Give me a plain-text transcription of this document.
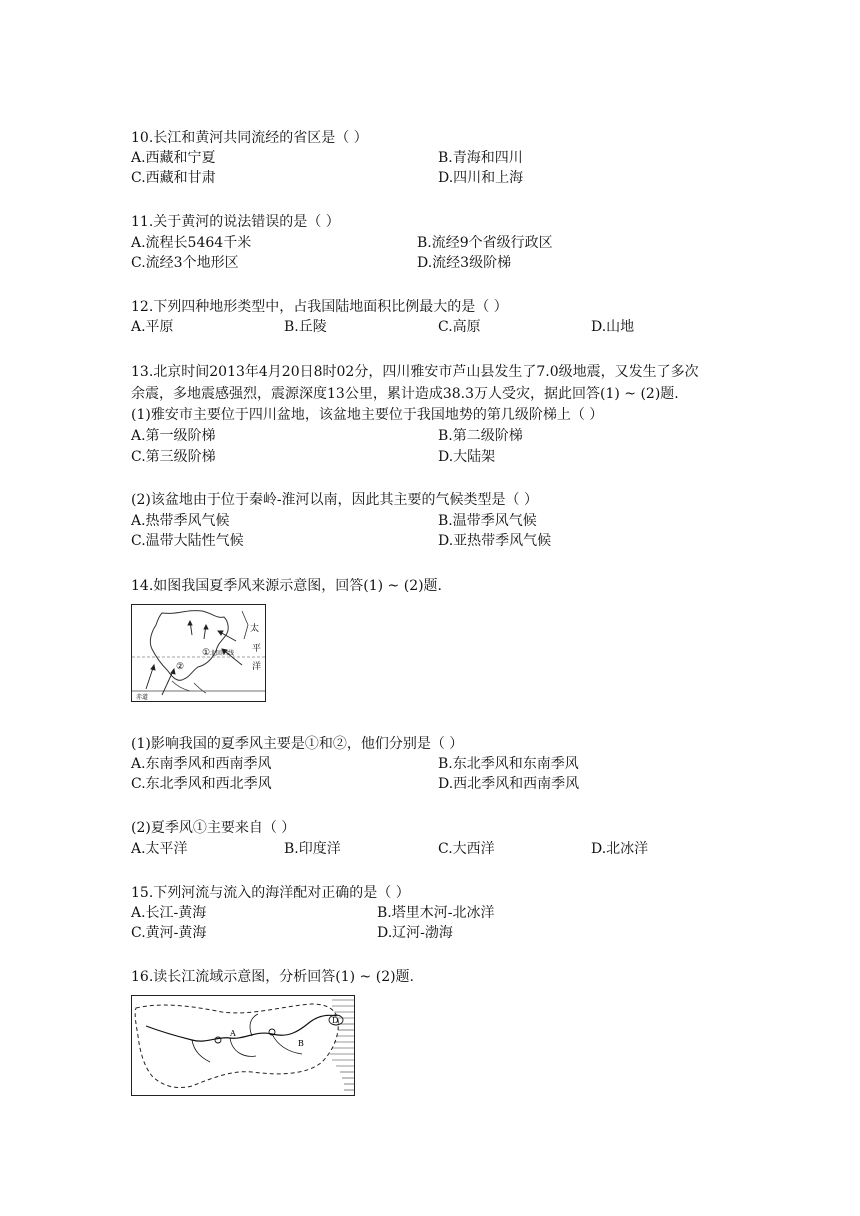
10.长江和黄河共同流经的省区是（ ）
A.西藏和宁夏	B.青海和四川
C.西藏和甘肃	D.四川和上海
11.关于黄河的说法错误的是（ ）
A.流程长5464千米	B.流经9个省级行政区
C.流经3个地形区	D.流经3级阶梯
12.下列四种地形类型中，占我国陆地面积比例最大的是（ ）
A.平原	B.丘陵	C.高原	D.山地
13.北京时间2013年4月20日8时02分，四川雅安市芦山县发生了7.0级地震，又发生了多次
余震，多地震感强烈，震源深度13公里，累计造成38.3万人受灾，据此回答(1) ~ (2)题.
(1)雅安市主要位于四川盆地，该盆地主要位于我国地势的第几级阶梯上（ ）
A.第一级阶梯	B.第二级阶梯
C.第三级阶梯	D.大陆架
(2)该盆地由于位于秦岭-淮河以南，因此其主要的气候类型是（ ）
A.热带季风气候	B.温带季风气候
C.温带大陆性气候	D.亚热带季风气候
14.如图我国夏季风来源示意图，回答(1) ~ (2)题.
太
平
洋
①
②
北回归线
赤道
(1)影响我国的夏季风主要是①和②，他们分别是（ ）
A.东南季风和西南季风	B.东北季风和东南季风
C.东北季风和西北季风	D.西北季风和西南季风
(2)夏季风①主要来自（ ）
A.太平洋	B.印度洋	C.大西洋	D.北冰洋
15.下列河流与流入的海洋配对正确的是（ ）
A.长江-黄海	B.塔里木河-北冰洋
C.黄河-黄海	D.辽河-渤海
16.读长江流域示意图，分析回答(1) ~ (2)题.
A
B
D
